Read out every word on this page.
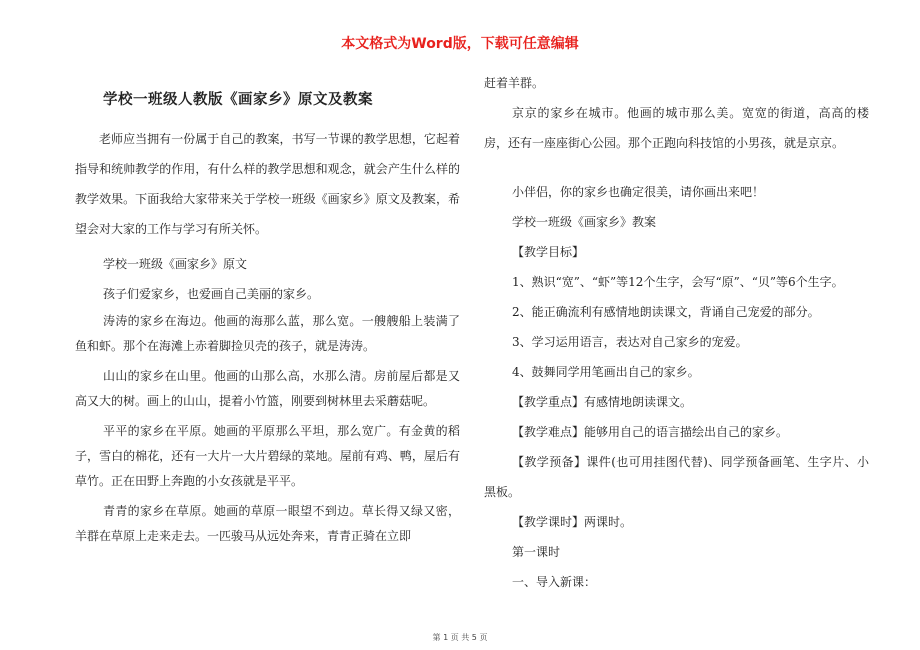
本文格式为Word版，下载可任意编辑
学校一班级人教版《画家乡》原文及教案

老师应当拥有一份属于自己的教案，书写一节课的教学思想，它起着指导和统帅教学的作用，有什么样的教学思想和观念，就会产生什么样的教学效果。下面我给大家带来关于学校一班级《画家乡》原文及教案，希望会对大家的工作与学习有所关怀。

学校一班级《画家乡》原文

孩子们爱家乡，也爱画自己美丽的家乡。

涛涛的家乡在海边。他画的海那么蓝，那么宽。一艘艘船上装满了鱼和虾。那个在海滩上赤着脚捡贝壳的孩子，就是涛涛。

山山的家乡在山里。他画的山那么高，水那么清。房前屋后都是又高又大的树。画上的山山，提着小竹篮，刚要到树林里去采蘑菇呢。

平平的家乡在平原。她画的平原那么平坦，那么宽广。有金黄的稻子，雪白的棉花，还有一大片一大片碧绿的菜地。屋前有鸡、鸭，屋后有草竹。正在田野上奔跑的小女孩就是平平。

青青的家乡在草原。她画的草原一眼望不到边。草长得又绿又密，羊群在草原上走来走去。一匹骏马从远处奔来，青青正骑在立即

赶着羊群。

京京的家乡在城市。他画的城市那么美。宽宽的街道，高高的楼房，还有一座座街心公园。那个正跑向科技馆的小男孩，就是京京。

小伴侣，你的家乡也确定很美，请你画出来吧！

学校一班级《画家乡》教案

【教学目标】

1、熟识“宽”、“虾”等12个生字，会写“原”、“贝”等6个生字。

2、能正确流利有感情地朗读课文，背诵自己宠爱的部分。

3、学习运用语言，表达对自己家乡的宠爱。

4、鼓舞同学用笔画出自己的家乡。

【教学重点】有感情地朗读课文。

【教学难点】能够用自己的语言描绘出自己的家乡。

【教学预备】课件(也可用挂图代替)、同学预备画笔、生字片、小黑板。

【教学课时】两课时。

第一课时

一、导入新课：

第 1 页 共 5 页
